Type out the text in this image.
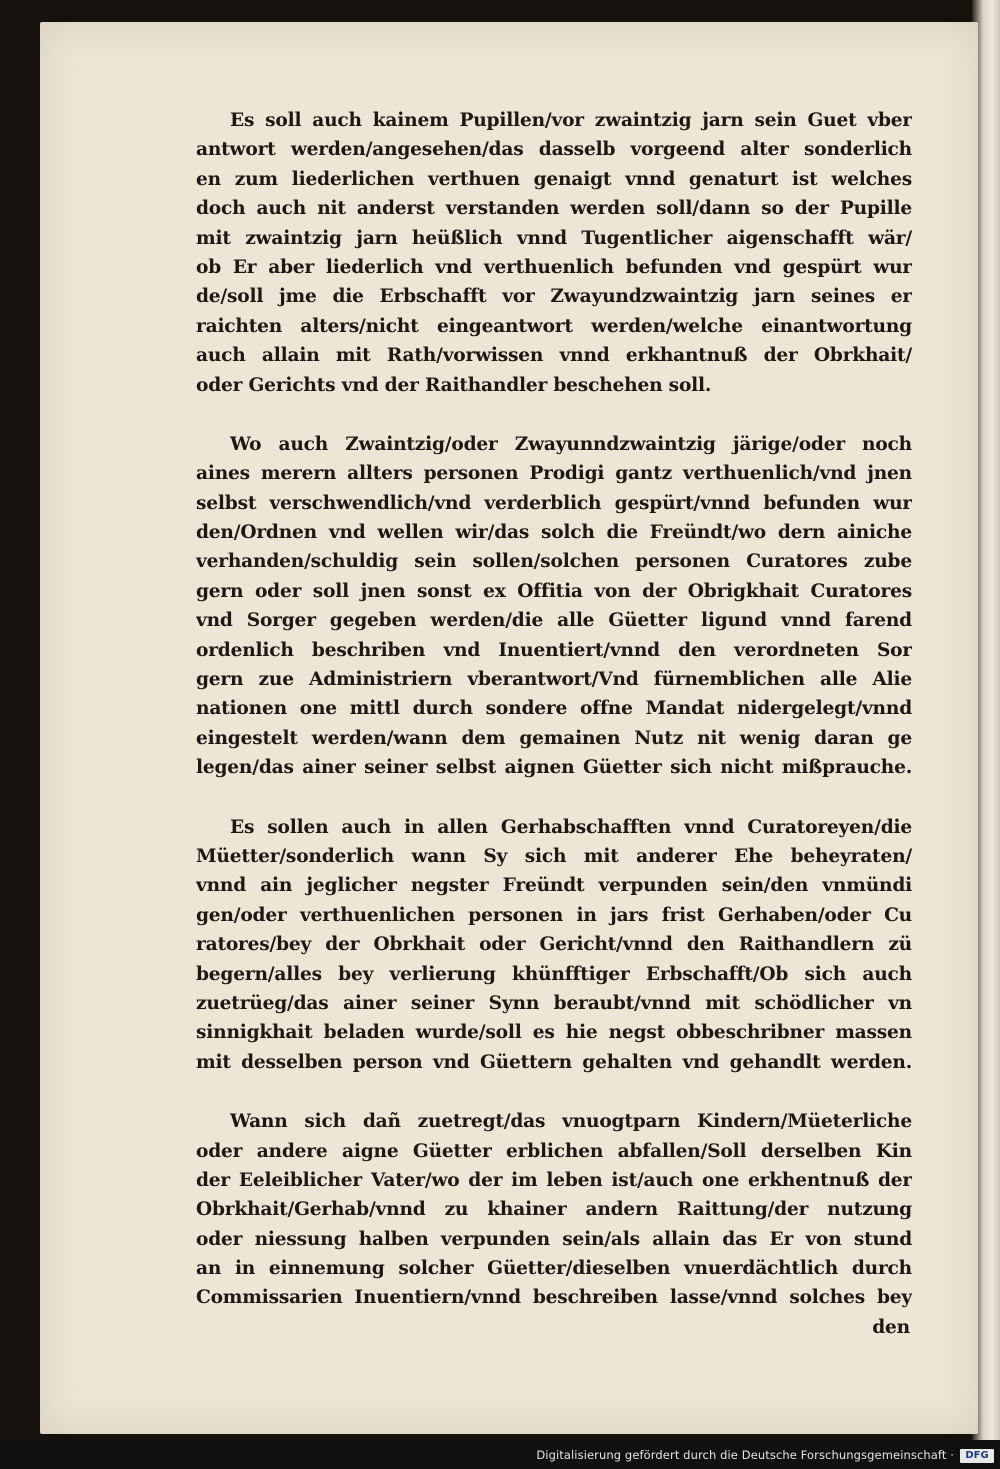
Es soll auch kainem Pupillen/vor zwaintzig jarn sein Guet vber
antwort werden/angesehen/das dasselb vorgeend alter sonderlich
en zum liederlichen verthuen genaigt vnnd genaturt ist welches
doch auch nit anderst verstanden werden soll/dann so der Pupille
mit zwaintzig jarn heüßlich vnnd Tugentlicher aigenschafft wär/
ob Er aber liederlich vnd verthuenlich befunden vnd gespürt wur
de/soll jme die Erbschafft vor Zwayundzwaintzig jarn seines er
raichten alters/nicht eingeantwort werden/welche einantwortung
auch allain mit Rath/vorwissen vnnd erkhantnuß der Obrkhait/
oder Gerichts vnd der Raithandler beschehen soll.
Wo auch Zwaintzig/oder Zwayunndzwaintzig järige/oder noch
aines merern allters personen Prodigi gantz verthuenlich/vnd jnen
selbst verschwendlich/vnd verderblich gespürt/vnnd befunden wur
den/Ordnen vnd wellen wir/das solch die Freündt/wo dern ainiche
verhanden/schuldig sein sollen/solchen personen Curatores zube
gern oder soll jnen sonst ex Offitia von der Obrigkhait Curatores
vnd Sorger gegeben werden/die alle Güetter ligund vnnd farend
ordenlich beschriben vnd Inuentiert/vnnd den verordneten Sor
gern zue Administriern vberantwort/Vnd fürnemblichen alle Alie
nationen one mittl durch sondere offne Mandat nidergelegt/vnnd
eingestelt werden/wann dem gemainen Nutz nit wenig daran ge
legen/das ainer seiner selbst aignen Güetter sich nicht mißprauche.
Es sollen auch in allen Gerhabschafften vnnd Curatoreyen/die
Müetter/sonderlich wann Sy sich mit anderer Ehe beheyraten/
vnnd ain jeglicher negster Freündt verpunden sein/den vnmündi
gen/oder verthuenlichen personen in jars frist Gerhaben/oder Cu
ratores/bey der Obrkhait oder Gericht/vnnd den Raithandlern zü
begern/alles bey verlierung khünfftiger Erbschafft/Ob sich auch
zuetrüeg/das ainer seiner Synn beraubt/vnnd mit schödlicher vn
sinnigkhait beladen wurde/soll es hie negst obbeschribner massen
mit desselben person vnd Güettern gehalten vnd gehandlt werden.
Wann sich dañ zuetregt/das vnuogtparn Kindern/Müeterliche
oder andere aigne Güetter erblichen abfallen/Soll derselben Kin
der Eeleiblicher Vater/wo der im leben ist/auch one erkhentnuß der
Obrkhait/Gerhab/vnnd zu khainer andern Raittung/der nutzung
oder niessung halben verpunden sein/als allain das Er von stund
an in einnemung solcher Güetter/dieselben vnuerdächtlich durch
Commissarien Inuentiern/vnnd beschreiben lasse/vnnd solches bey
den
Digitalisierung gefördert durch die Deutsche Forschungsgemeinschaft ·	DFG
